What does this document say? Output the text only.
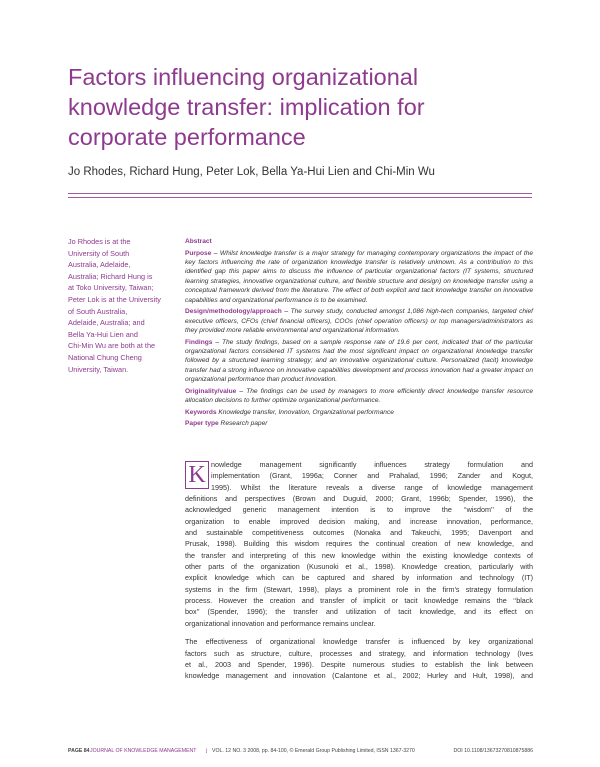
Factors influencing organizational
knowledge transfer: implication for
corporate performance
Jo Rhodes, Richard Hung, Peter Lok, Bella Ya-Hui Lien and Chi-Min Wu
Jo Rhodes is at the
University of South
Australia, Adelaide,
Australia; Richard Hung is
at Toko University, Taiwan;
Peter Lok is at the University
of South Australia,
Adelaide, Australia; and
Bella Ya-Hui Lien and
Chi-Min Wu are both at the
National Chung Cheng
University, Taiwan.

Abstract

Purpose – Whilst knowledge transfer is a major strategy for managing contemporary organizations the impact of the key factors influencing the rate of organization knowledge transfer is relatively unknown. As a contribution to this identified gap this paper aims to discuss the influence of particular organizational factors (IT systems, structured learning strategies, innovative organizational culture, and flexible structure and design) on knowledge transfer using a conceptual framework derived from the literature. The effect of both explicit and tacit knowledge transfer on innovative capabilities and organizational performance is to be examined.

Design/methodology/approach – The survey study, conducted amongst 1,086 high-tech companies, targeted chief executive officers, CFOs (chief financial officers), COOs (chief operation officers) or top managers/administrators as they provided more reliable environmental and organizational information.

Findings – The study findings, based on a sample response rate of 19.6 per cent, indicated that of the particular organizational factors considered IT systems had the most significant impact on organizational knowledge transfer followed by a structured learning strategy; and an innovative organizational culture. Personalized (tacit) knowledge transfer had a strong influence on innovative capabilities development and process innovation had a greater impact on organizational performance than product innovation.

Originality/value – The findings can be used by managers to more efficiently direct knowledge transfer resource allocation decisions to further optimize organizational performance.

Keywords Knowledge transfer, Innovation, Organizational performance

Paper type Research paper

K nowledge management significantly influences strategy formulation and
implementation (Grant, 1996a; Conner and Prahalad, 1996; Zander and Kogut,
1995). Whilst the literature reveals a diverse range of knowledge management
definitions and perspectives (Brown and Duguid, 2000; Grant, 1996b; Spender, 1996), the
acknowledged generic management intention is to improve the ‘‘wisdom’’ of the
organization to enable improved decision making, and increase innovation, performance,
and sustainable competitiveness outcomes (Nonaka and Takeuchi, 1995; Davenport and
Prusak, 1998). Building this wisdom requires the continual creation of new knowledge, and
the transfer and interpreting of this new knowledge within the existing knowledge contexts of
other parts of the organization (Kusunoki et al., 1998). Knowledge creation, particularly with
explicit knowledge which can be captured and shared by information and technology (IT)
systems in the firm (Stewart, 1998), plays a prominent role in the firm’s strategy formulation
process. However the creation and transfer of implicit or tacit knowledge remains the ‘‘black
box’’ (Spender, 1996); the transfer and utilization of tacit knowledge, and its effect on
organizational innovation and performance remains unclear.

The effectiveness of organizational knowledge transfer is influenced by key organizational
factors such as structure, culture, processes and strategy, and information technology (Ives
et al., 2003 and Spender, 1996). Despite numerous studies to establish the link between
knowledge management and innovation (Calantone et al., 2002; Hurley and Hult, 1998), and

PAGE 84 JOURNAL OF KNOWLEDGE MANAGEMENT j VOL. 12 NO. 3 2008, pp. 84-100, © Emerald Group Publishing Limited, ISSN 1367-3270	DOI 10.1108/13673270810875886
